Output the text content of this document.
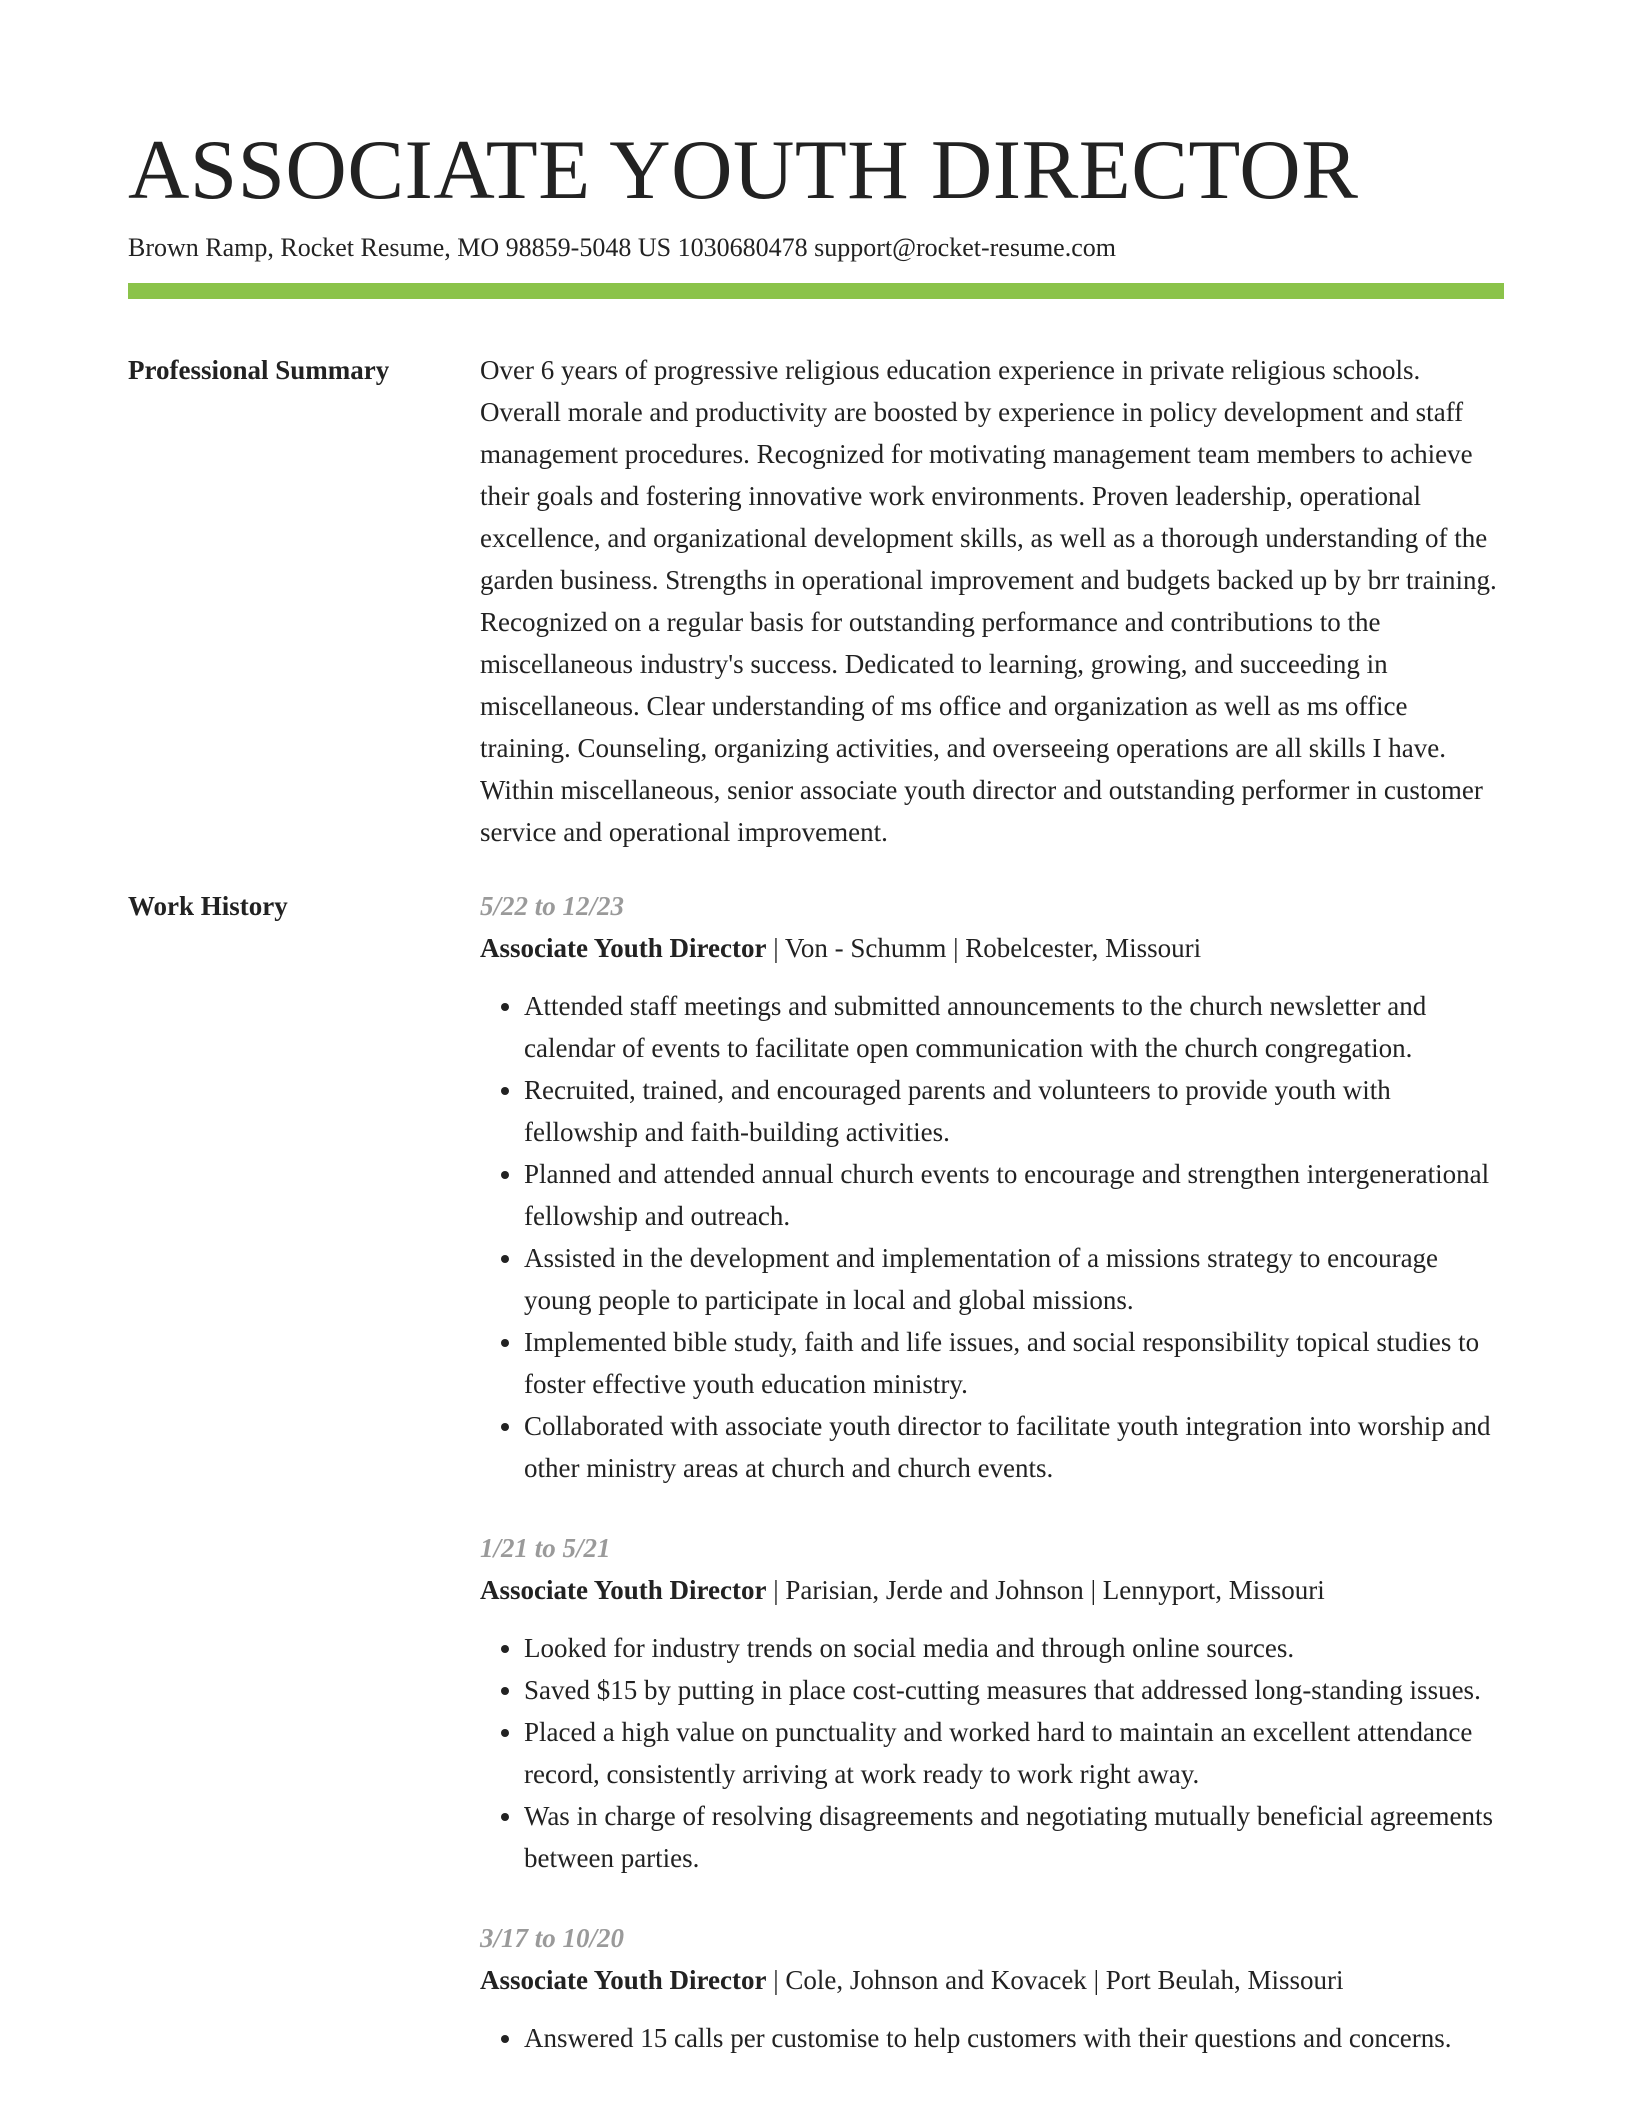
ASSOCIATE YOUTH DIRECTOR
Brown Ramp, Rocket Resume, MO 98859-5048 US 1030680478 support@rocket-resume.com
Professional Summary	Over 6 years of progressive religious education experience in private religious schools. Overall morale and productivity are boosted by experience in policy development and staff management procedures. Recognized for motivating management team members to achieve their goals and fostering innovative work environments. Proven leadership, operational excellence, and organizational development skills, as well as a thorough understanding of the garden business. Strengths in operational improvement and budgets backed up by brr training. Recognized on a regular basis for outstanding performance and contributions to the miscellaneous industry's success. Dedicated to learning, growing, and succeeding in miscellaneous. Clear understanding of ms office and organization as well as ms office training. Counseling, organizing activities, and overseeing operations are all skills I have. Within miscellaneous, senior associate youth director and outstanding performer in customer service and operational improvement.

Work History	5/22 to 12/23
Associate Youth Director | Von - Schumm | Robelcester, Missouri
• Attended staff meetings and submitted announcements to the church newsletter and calendar of events to facilitate open communication with the church congregation.
• Recruited, trained, and encouraged parents and volunteers to provide youth with fellowship and faith-building activities.
• Planned and attended annual church events to encourage and strengthen intergenerational fellowship and outreach.
• Assisted in the development and implementation of a missions strategy to encourage young people to participate in local and global missions.
• Implemented bible study, faith and life issues, and social responsibility topical studies to foster effective youth education ministry.
• Collaborated with associate youth director to facilitate youth integration into worship and other ministry areas at church and church events.
1/21 to 5/21
Associate Youth Director | Parisian, Jerde and Johnson | Lennyport, Missouri
• Looked for industry trends on social media and through online sources.
• Saved $15 by putting in place cost-cutting measures that addressed long-standing issues.
• Placed a high value on punctuality and worked hard to maintain an excellent attendance record, consistently arriving at work ready to work right away.
• Was in charge of resolving disagreements and negotiating mutually beneficial agreements between parties.
3/17 to 10/20
Associate Youth Director | Cole, Johnson and Kovacek | Port Beulah, Missouri
• Answered 15 calls per customise to help customers with their questions and concerns.
